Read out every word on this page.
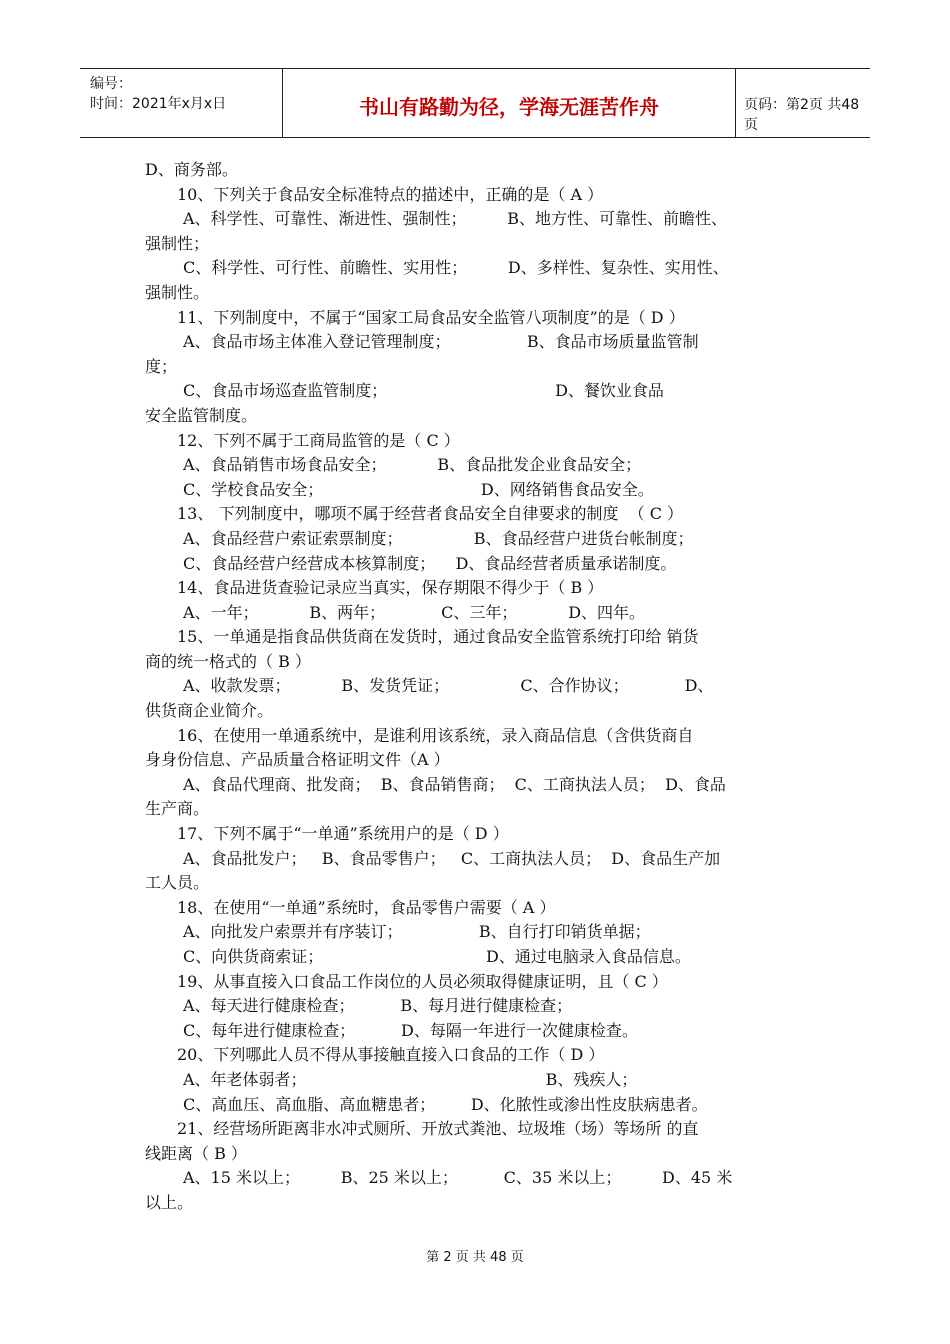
编号：
时间：2021年x月x日	书山有路勤为径，学海无涯苦作舟	页码：第2页 共48页
D、商务部。
10、下列关于食品安全标准特点的描述中，正确的是（ A ）
A、科学性、可靠性、渐进性、强制性；        B、地方性、可靠性、前瞻性、
强制性；
C、科学性、可行性、前瞻性、实用性；        D、多样性、复杂性、实用性、
强制性。
11、下列制度中，不属于“国家工局食品安全监管八项制度”的是（ D ）
A、食品市场主体准入登记管理制度；               B、食品市场质量监管制
度；
C、食品市场巡查监管制度；                                 D、餐饮业食品
安全监管制度。
12、下列不属于工商局监管的是（ C ）
A、食品销售市场食品安全；          B、食品批发企业食品安全；
C、学校食品安全；                               D、网络销售食品安全。
13、 下列制度中，哪项不属于经营者食品安全自律要求的制度  （ C ）
A、食品经营户索证索票制度；              B、食品经营户进货台帐制度；
C、食品经营户经营成本核算制度；    D、食品经营者质量承诺制度。
14、食品进货查验记录应当真实，保存期限不得少于（ B ）
A、一年；          B、两年；           C、三年；          D、四年。
15、一单通是指食品供货商在发货时，通过食品安全监管系统打印给 销货
商的统一格式的（ B ）
A、收款发票；          B、发货凭证；              C、合作协议；           D、
供货商企业简介。
16、在使用一单通系统中，是谁利用该系统，录入商品信息（含供货商自
身身份信息、产品质量合格证明文件（A ）
A、食品代理商、批发商；  B、食品销售商；  C、工商执法人员；  D、食品
生产商。
17、下列不属于“一单通”系统用户的是（ D ）
A、食品批发户；   B、食品零售户；   C、工商执法人员；  D、食品生产加
工人员。
18、在使用“一单通”系统时，食品零售户需要（ A ）
A、向批发户索票并有序装订；               B、自行打印销货单据；
C、向供货商索证；                                D、通过电脑录入食品信息。
19、从事直接入口食品工作岗位的人员必须取得健康证明，且（ C ）
A、每天进行健康检查；         B、每月进行健康检查；
C、每年进行健康检查；         D、每隔一年进行一次健康检查。
20、下列哪此人员不得从事接触直接入口食品的工作（ D ）
A、年老体弱者；                                               B、残疾人；
C、高血压、高血脂、高血糖患者；       D、化脓性或渗出性皮肤病患者。
21、经营场所距离非水冲式厕所、开放式粪池、垃圾堆（场）等场所 的直
线距离（ B ）
A、15 米以上；        B、25 米以上；         C、35 米以上；        D、45 米
以上。
第 2 页 共 48 页
